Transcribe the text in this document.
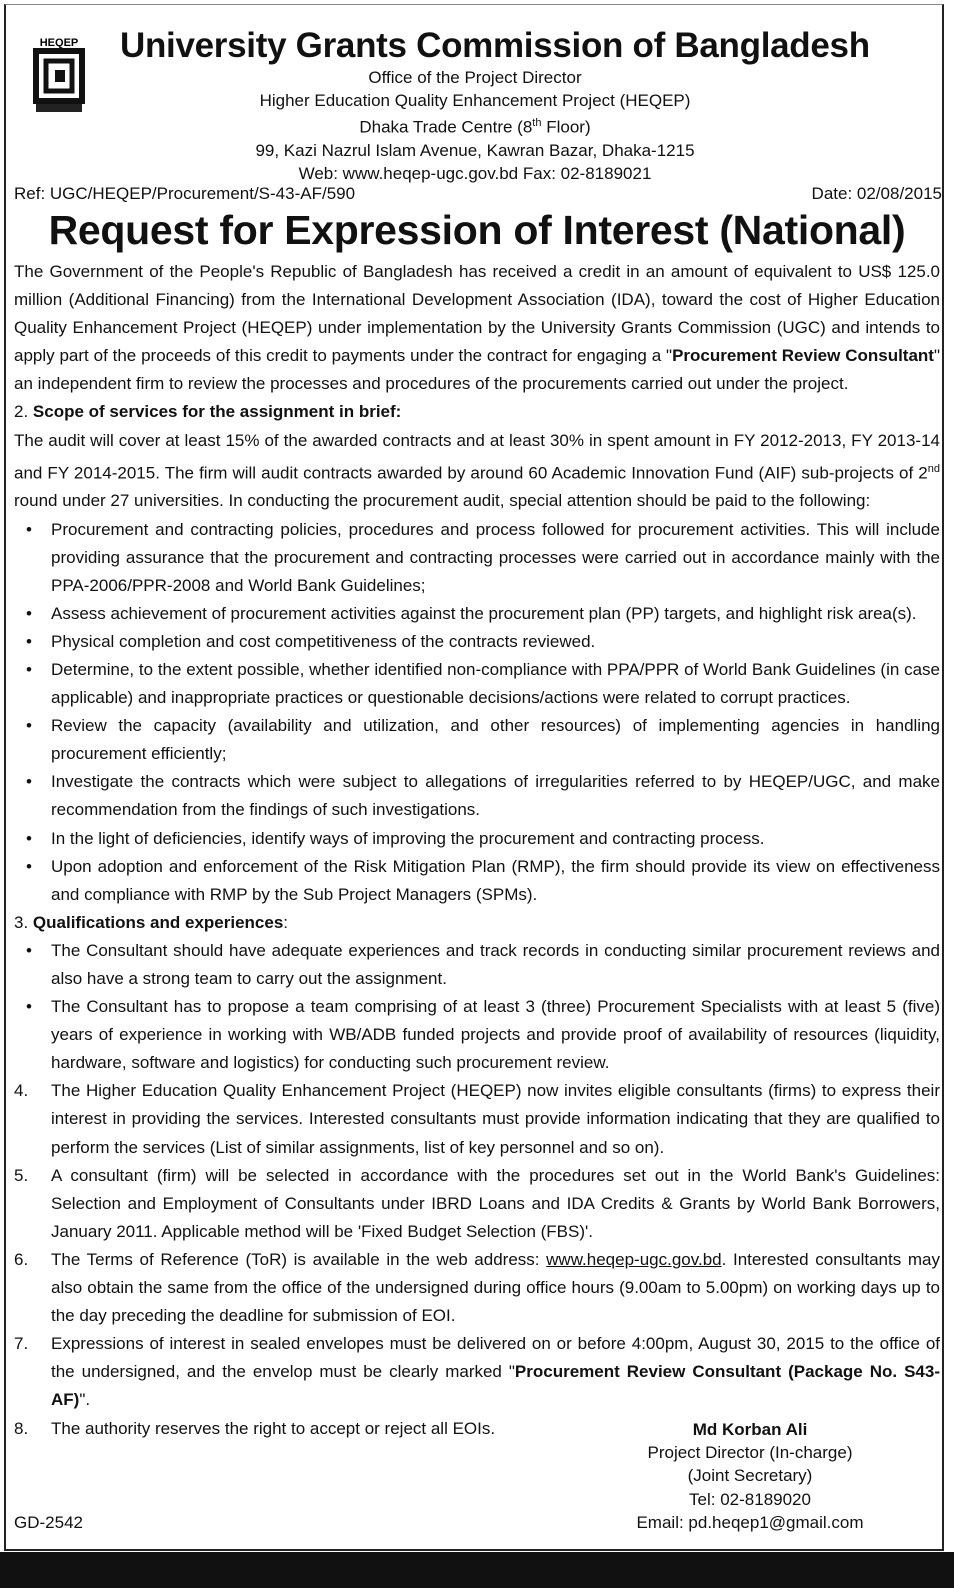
HEQEP University Grants Commission of Bangladesh
Office of the Project Director
Higher Education Quality Enhancement Project (HEQEP)
Dhaka Trade Centre (8th Floor)
99, Kazi Nazrul Islam Avenue, Kawran Bazar, Dhaka-1215
Web: www.heqep-ugc.gov.bd Fax: 02-8189021
Ref: UGC/HEQEP/Procurement/S-43-AF/590	Date: 02/08/2015
Request for Expression of Interest (National)

The Government of the People's Republic of Bangladesh has received a credit in an amount of equivalent to US$ 125.0 million (Additional Financing) from the International Development Association (IDA), toward the cost of Higher Education Quality Enhancement Project (HEQEP) under implementation by the University Grants Commission (UGC) and intends to apply part of the proceeds of this credit to payments under the contract for engaging a "Procurement Review Consultant" an independent firm to review the processes and procedures of the procurements carried out under the project.

2. Scope of services for the assignment in brief:

The audit will cover at least 15% of the awarded contracts and at least 30% in spent amount in FY 2012-2013, FY 2013-14 and FY 2014-2015. The firm will audit contracts awarded by around 60 Academic Innovation Fund (AIF) sub-projects of 2nd round under 27 universities. In conducting the procurement audit, special attention should be paid to the following:

•	Procurement and contracting policies, procedures and process followed for procurement activities. This will include providing assurance that the procurement and contracting processes were carried out in accordance mainly with the PPA-2006/PPR-2008 and World Bank Guidelines;
•	Assess achievement of procurement activities against the procurement plan (PP) targets, and highlight risk area(s).
•	Physical completion and cost competitiveness of the contracts reviewed.
•	Determine, to the extent possible, whether identified non-compliance with PPA/PPR of World Bank Guidelines (in case applicable) and inappropriate practices or questionable decisions/actions were related to corrupt practices.
•	Review the capacity (availability and utilization, and other resources) of implementing agencies in handling procurement efficiently;
•	Investigate the contracts which were subject to allegations of irregularities referred to by HEQEP/UGC, and make recommendation from the findings of such investigations.
•	In the light of deficiencies, identify ways of improving the procurement and contracting process.
•	Upon adoption and enforcement of the Risk Mitigation Plan (RMP), the firm should provide its view on effectiveness and compliance with RMP by the Sub Project Managers (SPMs).

3. Qualifications and experiences:

•	The Consultant should have adequate experiences and track records in conducting similar procurement reviews and also have a strong team to carry out the assignment.
•	The Consultant has to propose a team comprising of at least 3 (three) Procurement Specialists with at least 5 (five) years of experience in working with WB/ADB funded projects and provide proof of availability of resources (liquidity, hardware, software and logistics) for conducting such procurement review.
4.	The Higher Education Quality Enhancement Project (HEQEP) now invites eligible consultants (firms) to express their interest in providing the services. Interested consultants must provide information indicating that they are qualified to perform the services (List of similar assignments, list of key personnel and so on).
5.	A consultant (firm) will be selected in accordance with the procedures set out in the World Bank's Guidelines: Selection and Employment of Consultants under IBRD Loans and IDA Credits & Grants by World Bank Borrowers, January 2011. Applicable method will be 'Fixed Budget Selection (FBS)'.
6.	The Terms of Reference (ToR) is available in the web address: www.heqep-ugc.gov.bd. Interested consultants may also obtain the same from the office of the undersigned during office hours (9.00am to 5.00pm) on working days up to the day preceding the deadline for submission of EOI.
7.	Expressions of interest in sealed envelopes must be delivered on or before 4:00pm, August 30, 2015 to the office of the undersigned, and the envelop must be clearly marked "Procurement Review Consultant (Package No. S43-AF)".
8.	The authority reserves the right to accept or reject all EOIs.	Md Korban Ali
Project Director (In-charge)
(Joint Secretary)
Tel: 02-8189020
Email: pd.heqep1@gmail.com
GD-2542
